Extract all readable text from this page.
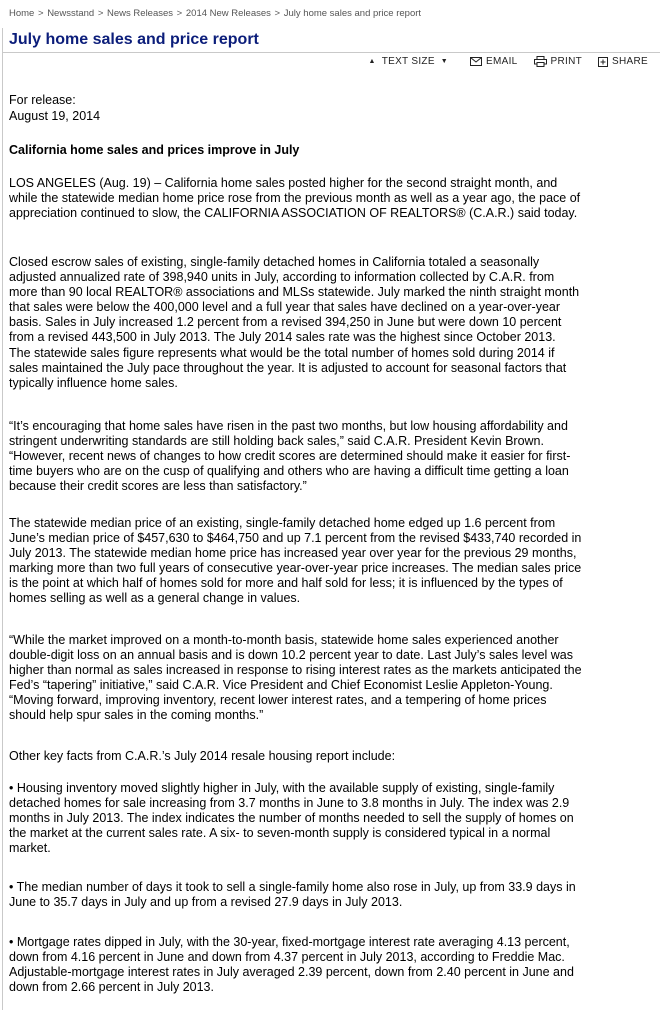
Home > Newsstand > News Releases > 2014 New Releases > July home sales and price report
July home sales and price report
▲ TEXT SIZE ▼	EMAIL	PRINT	SHARE
For release:
August 19, 2014
California home sales and prices improve in July

LOS ANGELES (Aug. 19) – California home sales posted higher for the second straight month, and
while the statewide median home price rose from the previous month as well as a year ago, the pace of
appreciation continued to slow, the CALIFORNIA ASSOCIATION OF REALTORS® (C.A.R.) said today.

Closed escrow sales of existing, single-family detached homes in California totaled a seasonally
adjusted annualized rate of 398,940 units in July, according to information collected by C.A.R. from
more than 90 local REALTOR® associations and MLSs statewide. July marked the ninth straight month
that sales were below the 400,000 level and a full year that sales have declined on a year-over-year
basis. Sales in July increased 1.2 percent from a revised 394,250 in June but were down 10 percent
from a revised 443,500 in July 2013. The July 2014 sales rate was the highest since October 2013.
The statewide sales figure represents what would be the total number of homes sold during 2014 if
sales maintained the July pace throughout the year. It is adjusted to account for seasonal factors that
typically influence home sales.

“It’s encouraging that home sales have risen in the past two months, but low housing affordability and
stringent underwriting standards are still holding back sales,” said C.A.R. President Kevin Brown.
“However, recent news of changes to how credit scores are determined should make it easier for first-
time buyers who are on the cusp of qualifying and others who are having a difficult time getting a loan
because their credit scores are less than satisfactory.”

The statewide median price of an existing, single-family detached home edged up 1.6 percent from
June’s median price of $457,630 to $464,750 and up 7.1 percent from the revised $433,740 recorded in
July 2013. The statewide median home price has increased year over year for the previous 29 months,
marking more than two full years of consecutive year-over-year price increases. The median sales price
is the point at which half of homes sold for more and half sold for less; it is influenced by the types of
homes selling as well as a general change in values.

“While the market improved on a month-to-month basis, statewide home sales experienced another
double-digit loss on an annual basis and is down 10.2 percent year to date. Last July’s sales level was
higher than normal as sales increased in response to rising interest rates as the markets anticipated the
Fed’s “tapering” initiative,” said C.A.R. Vice President and Chief Economist Leslie Appleton-Young.
“Moving forward, improving inventory, recent lower interest rates, and a tempering of home prices
should help spur sales in the coming months.”

Other key facts from C.A.R.’s July 2014 resale housing report include:

• Housing inventory moved slightly higher in July, with the available supply of existing, single-family
detached homes for sale increasing from 3.7 months in June to 3.8 months in July. The index was 2.9
months in July 2013. The index indicates the number of months needed to sell the supply of homes on
the market at the current sales rate. A six- to seven-month supply is considered typical in a normal
market.

• The median number of days it took to sell a single-family home also rose in July, up from 33.9 days in
June to 35.7 days in July and up from a revised 27.9 days in July 2013.

• Mortgage rates dipped in July, with the 30-year, fixed-mortgage interest rate averaging 4.13 percent,
down from 4.16 percent in June and down from 4.37 percent in July 2013, according to Freddie Mac.
Adjustable-mortgage interest rates in July averaged 2.39 percent, down from 2.40 percent in June and
down from 2.66 percent in July 2013.
